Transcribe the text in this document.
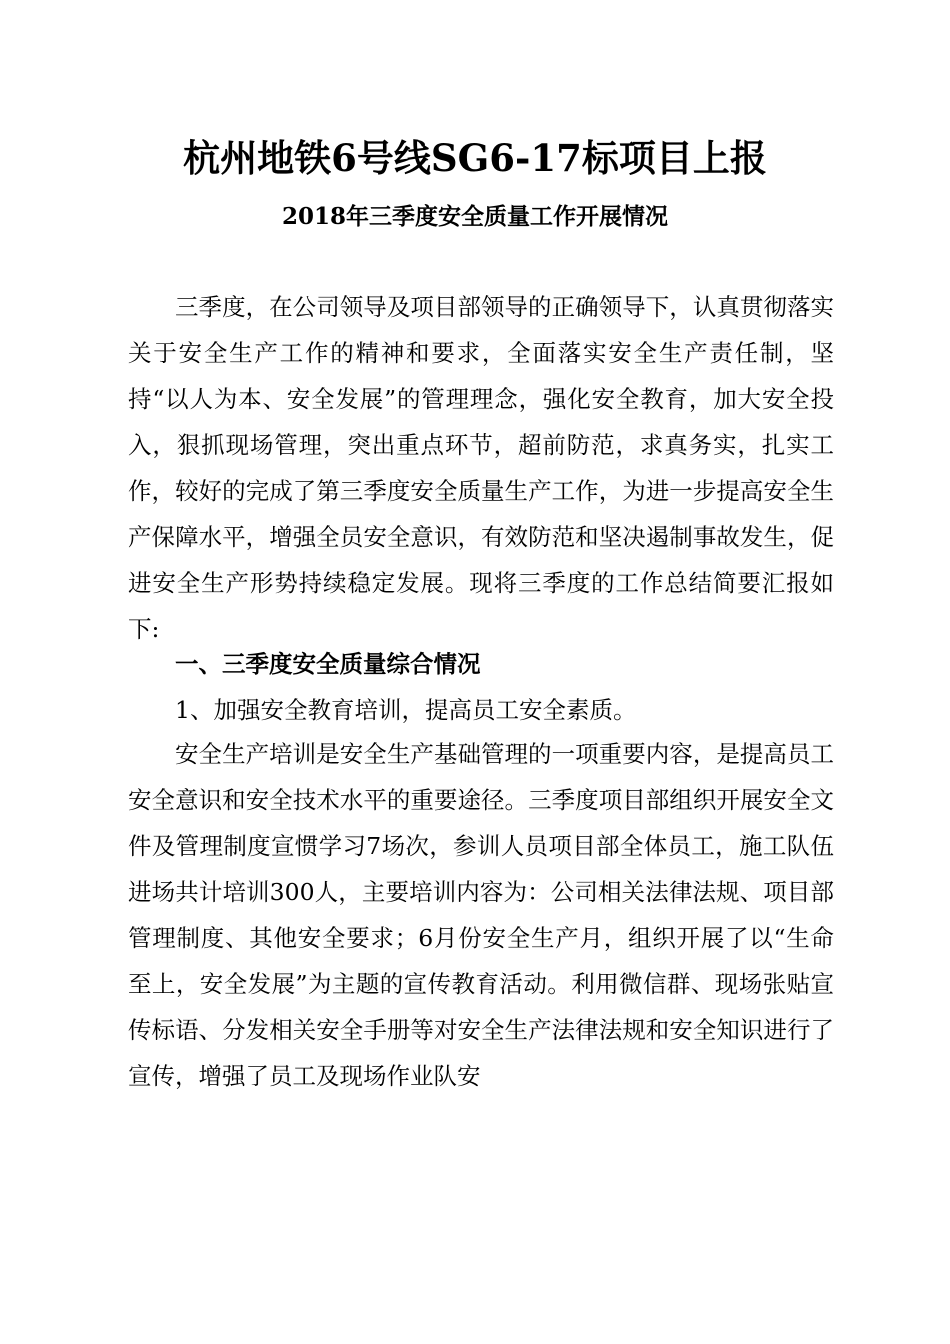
杭州地铁6号线SG6-17标项目上报
2018年三季度安全质量工作开展情况

三季度，在公司领导及项目部领导的正确领导下，认真贯彻落实关于安全生产工作的精神和要求，全面落实安全生产责任制，坚持“以人为本、安全发展”的管理理念，强化安全教育，加大安全投入，狠抓现场管理，突出重点环节，超前防范，求真务实，扎实工作，较好的完成了第三季度安全质量生产工作，为进一步提高安全生产保障水平，增强全员安全意识，有效防范和坚决遏制事故发生，促进安全生产形势持续稳定发展。现将三季度的工作总结简要汇报如下:

一、三季度安全质量综合情况

1、加强安全教育培训，提高员工安全素质。

安全生产培训是安全生产基础管理的一项重要内容，是提高员工安全意识和安全技术水平的重要途径。三季度项目部组织开展安全文件及管理制度宣惯学习7场次，参训人员项目部全体员工，施工队伍进场共计培训300人，主要培训内容为：公司相关法律法规、项目部管理制度、其他安全要求；6月份安全生产月，组织开展了以“生命至上，安全发展”为主题的宣传教育活动。利用微信群、现场张贴宣传标语、分发相关安全手册等对安全生产法律法规和安全知识进行了宣传，增强了员工及现场作业队安
